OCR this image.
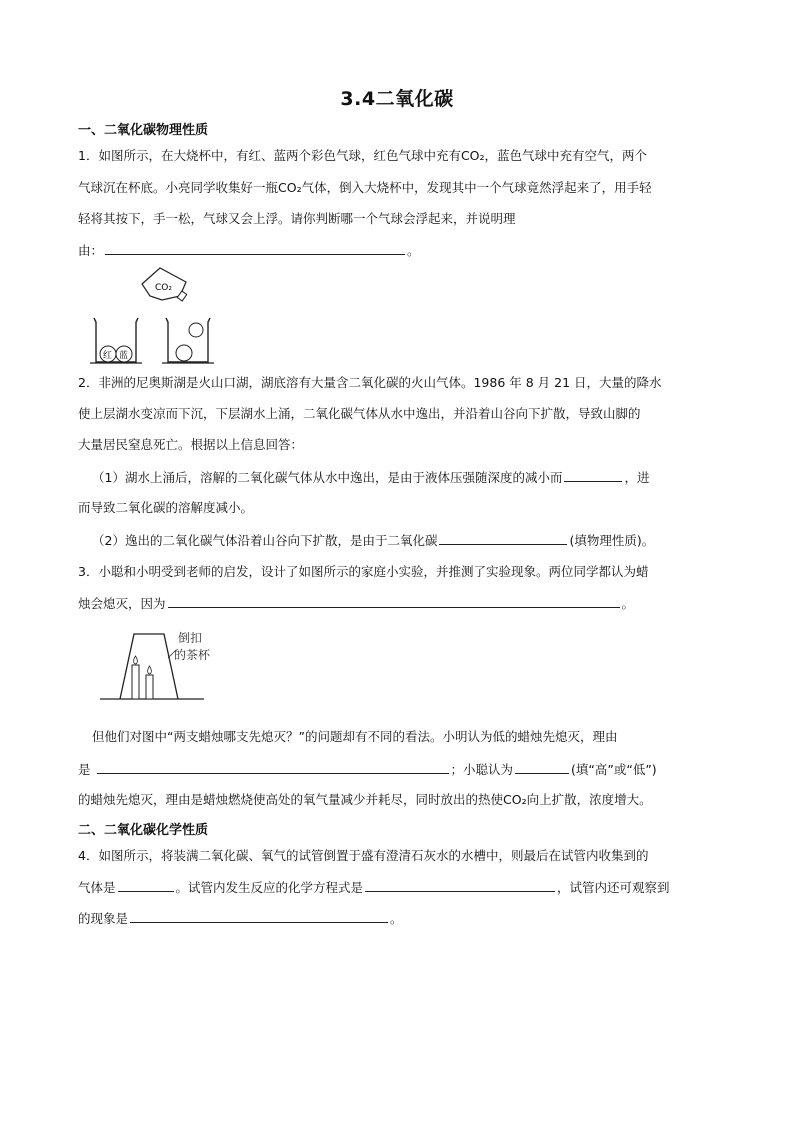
3.4二氧化碳
一、二氧化碳物理性质
1．如图所示，在大烧杯中，有红、蓝两个彩色气球，红色气球中充有CO₂，蓝色气球中充有空气，两个
气球沉在杯底。小亮同学收集好一瓶CO₂气体，倒入大烧杯中，发现其中一个气球竟然浮起来了，用手轻
轻将其按下，手一松，气球又会上浮。请你判断哪一个气球会浮起来，并说明理
由：	。
CO₂
红 蓝
2．非洲的尼奥斯湖是火山口湖，湖底溶有大量含二氧化碳的火山气体。1986 年 8 月 21 日，大量的降水
使上层湖水变凉而下沉，下层湖水上涌，二氧化碳气体从水中逸出，并沿着山谷向下扩散，导致山脚的
大量居民窒息死亡。根据以上信息回答：
（1）湖水上涌后，溶解的二氧化碳气体从水中逸出，是由于液体压强随深度的减小而	，进
而导致二氧化碳的溶解度减小。
（2）逸出的二氧化碳气体沿着山谷向下扩散，是由于二氧化碳	(填物理性质)。
3．小聪和小明受到老师的启发，设计了如图所示的家庭小实验，并推测了实验现象。两位同学都认为蜡
烛会熄灭，因为	。
倒扣
的茶杯
但他们对图中“两支蜡烛哪支先熄灭？”的问题却有不同的看法。小明认为低的蜡烛先熄灭，理由
是	；小聪认为	(填“高”或“低”)
的蜡烛先熄灭，理由是蜡烛燃烧使高处的氧气量减少并耗尽，同时放出的热使CO₂向上扩散，浓度增大。
二、二氧化碳化学性质
4．如图所示，将装满二氧化碳、氧气的试管倒置于盛有澄清石灰水的水槽中，则最后在试管内收集到的
气体是	。试管内发生反应的化学方程式是	，试管内还可观察到
的现象是	。
